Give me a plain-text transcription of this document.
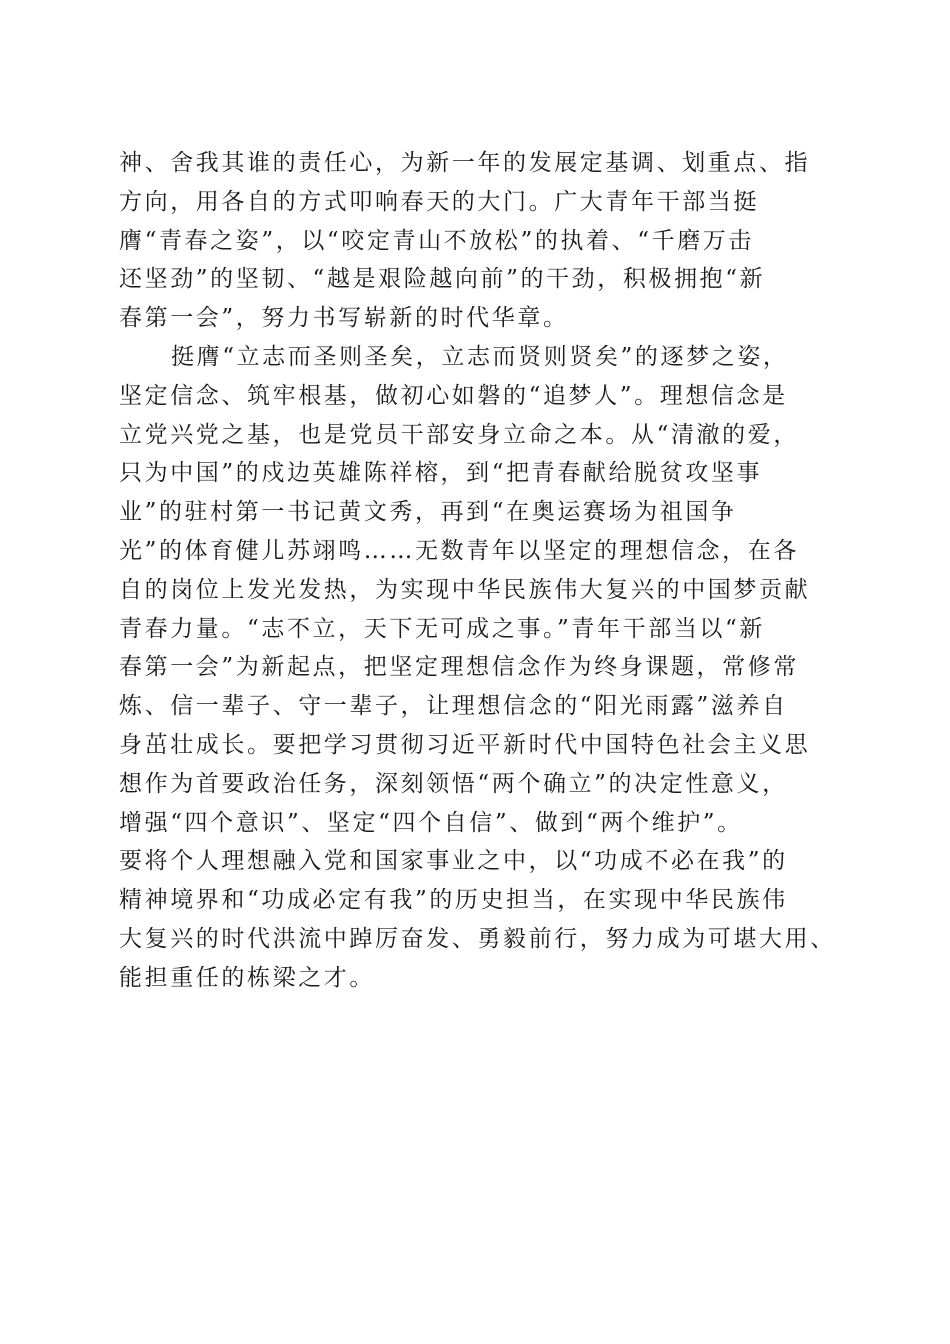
神、舍我其谁的责任心，为新一年的发展定基调、划重点、指
方向，用各自的方式叩响春天的大门。广大青年干部当挺
膺“青春之姿”，以“咬定青山不放松”的执着、“千磨万击
还坚劲”的坚韧、“越是艰险越向前”的干劲，积极拥抱“新
春第一会”，努力书写崭新的时代华章。
挺膺“立志而圣则圣矣，立志而贤则贤矣”的逐梦之姿，
坚定信念、筑牢根基，做初心如磐的“追梦人”。理想信念是
立党兴党之基，也是党员干部安身立命之本。从“清澈的爱，
只为中国”的戍边英雄陈祥榕，到“把青春献给脱贫攻坚事
业”的驻村第一书记黄文秀，再到“在奥运赛场为祖国争
光”的体育健儿苏翊鸣……无数青年以坚定的理想信念，在各
自的岗位上发光发热，为实现中华民族伟大复兴的中国梦贡献
青春力量。“志不立，天下无可成之事。”青年干部当以“新
春第一会”为新起点，把坚定理想信念作为终身课题，常修常
炼、信一辈子、守一辈子，让理想信念的“阳光雨露”滋养自
身茁壮成长。要把学习贯彻习近平新时代中国特色社会主义思
想作为首要政治任务，深刻领悟“两个确立”的决定性意义，
增强“四个意识”、坚定“四个自信”、做到“两个维护”。
要将个人理想融入党和国家事业之中，以“功成不必在我”的
精神境界和“功成必定有我”的历史担当，在实现中华民族伟
大复兴的时代洪流中踔厉奋发、勇毅前行，努力成为可堪大用、
能担重任的栋梁之才。
